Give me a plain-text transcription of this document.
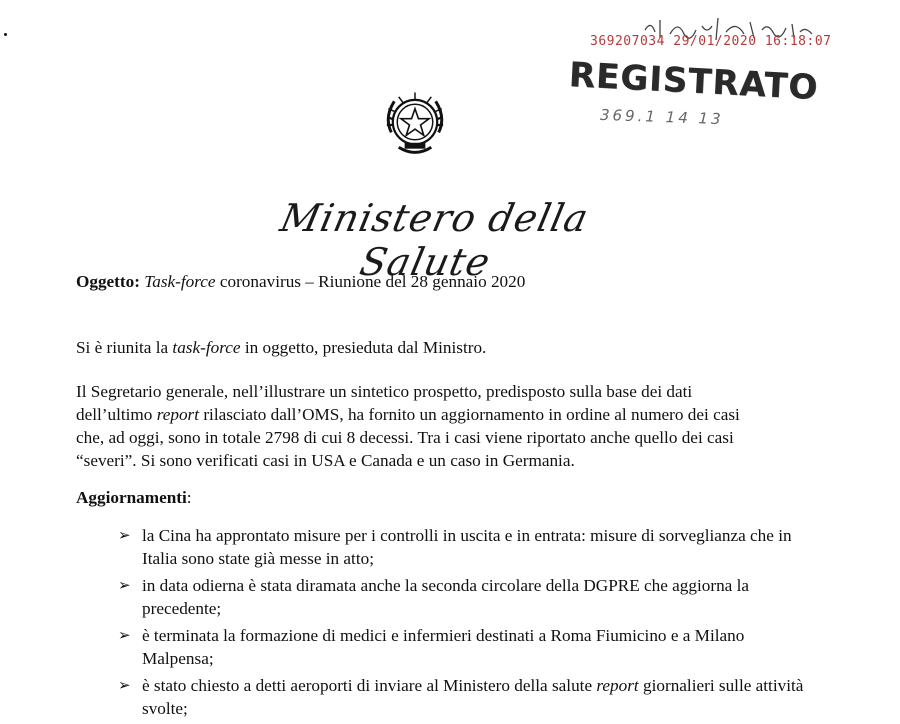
369207034 29/01/2020 16:18:07
REGISTRATO
369.1 14 13
Ministero della Salute
Oggetto: Task-force coronavirus – Riunione del 28 gennaio 2020
Si è riunita la task-force in oggetto, presieduta dal Ministro.
Il Segretario generale, nell’illustrare un sintetico prospetto, predisposto sulla base dei dati
dell’ultimo report rilasciato dall’OMS, ha fornito un aggiornamento in ordine al numero dei casi
che, ad oggi, sono in totale 2798 di cui 8 decessi. Tra i casi viene riportato anche quello dei casi
“severi”. Si sono verificati casi in USA e Canada e un caso in Germania.
Aggiornamenti:
➢ la Cina ha approntato misure per i controlli in uscita e in entrata: misure di sorveglianza che in Italia sono state già messe in atto;
➢ in data odierna è stata diramata anche la seconda circolare della DGPRE che aggiorna la precedente;
➢ è terminata la formazione di medici e infermieri destinati a Roma Fiumicino e a Milano Malpensa;
➢ è stato chiesto a detti aeroporti di inviare al Ministero della salute report giornalieri sulle attività svolte;
